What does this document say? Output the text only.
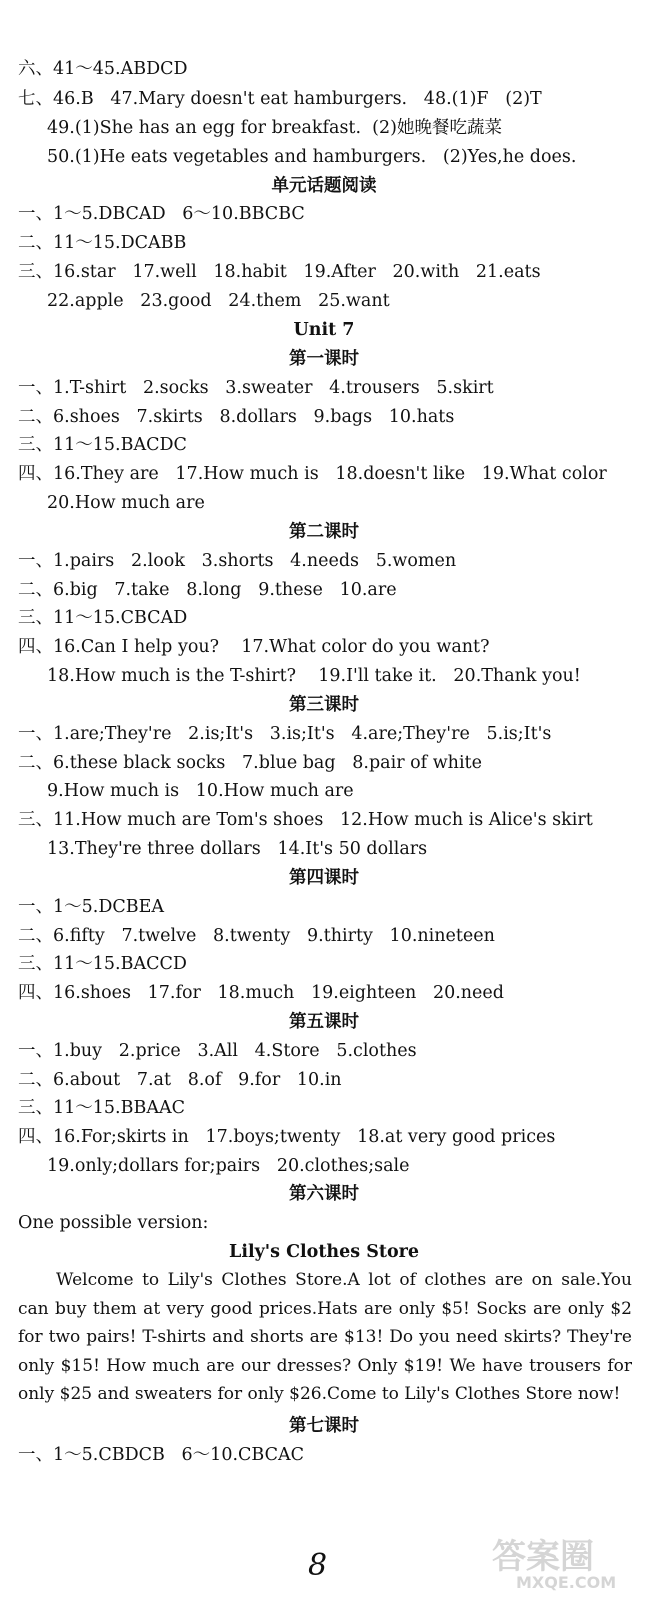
六、41～45.ABDCD
七、46.B   47.Mary doesn't eat hamburgers.   48.(1)F   (2)T
49.(1)She has an egg for breakfast.  (2)她晚餐吃蔬菜
50.(1)He eats vegetables and hamburgers.   (2)Yes,he does.
单元话题阅读
一、1～5.DBCAD   6～10.BBCBC
二、11～15.DCABB
三、16.star   17.well   18.habit   19.After   20.with   21.eats
22.apple   23.good   24.them   25.want
Unit 7
第一课时
一、1.T-shirt   2.socks   3.sweater   4.trousers   5.skirt
二、6.shoes   7.skirts   8.dollars   9.bags   10.hats
三、11～15.BACDC
四、16.They are   17.How much is   18.doesn't like   19.What color
20.How much are
第二课时
一、1.pairs   2.look   3.shorts   4.needs   5.women
二、6.big   7.take   8.long   9.these   10.are
三、11～15.CBCAD
四、16.Can I help you?    17.What color do you want?
18.How much is the T-shirt?    19.I'll take it.   20.Thank you!
第三课时
一、1.are;They're   2.is;It's   3.is;It's   4.are;They're   5.is;It's
二、6.these black socks   7.blue bag   8.pair of white
9.How much is   10.How much are
三、11.How much are Tom's shoes   12.How much is Alice's skirt
13.They're three dollars   14.It's 50 dollars
第四课时
一、1～5.DCBEA
二、6.fifty   7.twelve   8.twenty   9.thirty   10.nineteen
三、11～15.BACCD
四、16.shoes   17.for   18.much   19.eighteen   20.need
第五课时
一、1.buy   2.price   3.All   4.Store   5.clothes
二、6.about   7.at   8.of   9.for   10.in
三、11～15.BBAAC
四、16.For;skirts in   17.boys;twenty   18.at very good prices
19.only;dollars for;pairs   20.clothes;sale
第六课时
One possible version:
Lily's Clothes Store
Welcome to Lily's Clothes Store.A lot of clothes are on sale.You can buy them at very good prices.Hats are only $5! Socks are only $2 for two pairs! T-shirts and shorts are $13! Do you need skirts? They're only $15! How much are our dresses? Only $19! We have trousers for only $25 and sweaters for only $26.Come to Lily's Clothes Store now!
第七课时
一、1～5.CBDCB   6～10.CBCAC
8	答案圈
MXQE.COM
